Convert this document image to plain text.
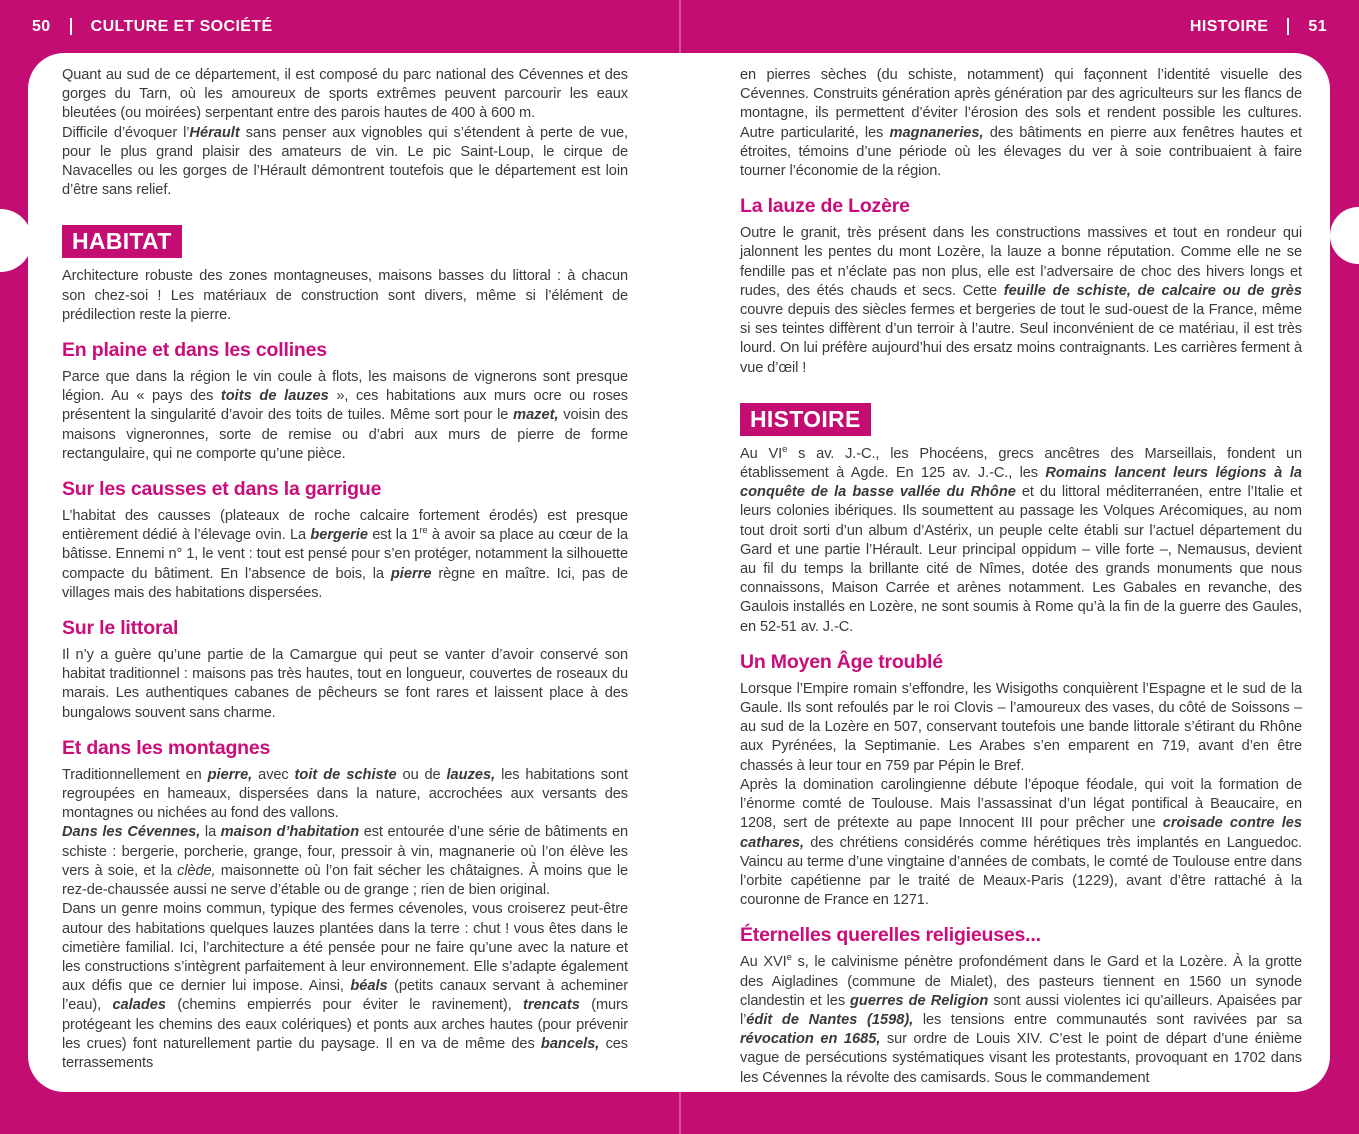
50	CULTURE ET SOCIÉTÉ	HISTOIRE	51

Quant au sud de ce département, il est composé du parc national des Cévennes et des gorges du Tarn, où les amoureux de sports extrêmes peuvent parcourir les eaux bleutées (ou moirées) serpentant entre des parois hautes de 400 à 600 m.

Difficile d’évoquer l’Hérault sans penser aux vignobles qui s’étendent à perte de vue, pour le plus grand plaisir des amateurs de vin. Le pic Saint-Loup, le cirque de Navacelles ou les gorges de l’Hérault démontrent toutefois que le département est loin d’être sans relief.

HABITAT

Architecture robuste des zones montagneuses, maisons basses du littoral : à chacun son chez-soi ! Les matériaux de construction sont divers, même si l’élément de prédilection reste la pierre.

En plaine et dans les collines

Parce que dans la région le vin coule à flots, les maisons de vignerons sont presque légion. Au « pays des toits de lauzes », ces habitations aux murs ocre ou roses présentent la singularité d’avoir des toits de tuiles. Même sort pour le mazet, voisin des maisons vigneronnes, sorte de remise ou d’abri aux murs de pierre de forme rectangulaire, qui ne comporte qu’une pièce.

Sur les causses et dans la garrigue

L’habitat des causses (plateaux de roche calcaire fortement érodés) est presque entièrement dédié à l’élevage ovin. La bergerie est la 1re à avoir sa place au cœur de la bâtisse. Ennemi n° 1, le vent : tout est pensé pour s’en protéger, notamment la silhouette compacte du bâtiment. En l’absence de bois, la pierre règne en maître. Ici, pas de villages mais des habitations dispersées.

Sur le littoral

Il n’y a guère qu’une partie de la Camargue qui peut se vanter d’avoir conservé son habitat traditionnel : maisons pas très hautes, tout en longueur, couvertes de roseaux du marais. Les authentiques cabanes de pêcheurs se font rares et laissent place à des bungalows souvent sans charme.

Et dans les montagnes

Traditionnellement en pierre, avec toit de schiste ou de lauzes, les habitations sont regroupées en hameaux, dispersées dans la nature, accrochées aux versants des montagnes ou nichées au fond des vallons.

Dans les Cévennes, la maison d’habitation est entourée d’une série de bâtiments en schiste : bergerie, porcherie, grange, four, pressoir à vin, magnanerie où l’on élève les vers à soie, et la clède, maisonnette où l’on fait sécher les châtaignes. À moins que le rez-de-chaussée aussi ne serve d’étable ou de grange ; rien de bien original.

Dans un genre moins commun, typique des fermes cévenoles, vous croiserez peut-être autour des habitations quelques lauzes plantées dans la terre : chut ! vous êtes dans le cimetière familial. Ici, l’architecture a été pensée pour ne faire qu’une avec la nature et les constructions s’intègrent parfaitement à leur environnement. Elle s’adapte également aux défis que ce dernier lui impose. Ainsi, béals (petits canaux servant à acheminer l’eau), calades (chemins empierrés pour éviter le ravinement), trencats (murs protégeant les chemins des eaux colériques) et ponts aux arches hautes (pour prévenir les crues) font naturellement partie du paysage. Il en va de même des bancels, ces terrassements

en pierres sèches (du schiste, notamment) qui façonnent l’identité visuelle des Cévennes. Construits génération après génération par des agriculteurs sur les flancs de montagne, ils permettent d’éviter l’érosion des sols et rendent possible les cultures. Autre particularité, les magnaneries, des bâtiments en pierre aux fenêtres hautes et étroites, témoins d’une période où les élevages du ver à soie contribuaient à faire tourner l’économie de la région.

La lauze de Lozère

Outre le granit, très présent dans les constructions massives et tout en rondeur qui jalonnent les pentes du mont Lozère, la lauze a bonne réputation. Comme elle ne se fendille pas et n’éclate pas non plus, elle est l’adversaire de choc des hivers longs et rudes, des étés chauds et secs. Cette feuille de schiste, de calcaire ou de grès couvre depuis des siècles fermes et bergeries de tout le sud-ouest de la France, même si ses teintes diffèrent d’un terroir à l’autre. Seul inconvénient de ce matériau, il est très lourd. On lui préfère aujourd’hui des ersatz moins contraignants. Les carrières ferment à vue d’œil !

HISTOIRE

Au VIe s av. J.-C., les Phocéens, grecs ancêtres des Marseillais, fondent un établissement à Agde. En 125 av. J.-C., les Romains lancent leurs légions à la conquête de la basse vallée du Rhône et du littoral méditerranéen, entre l’Italie et leurs colonies ibériques. Ils soumettent au passage les Volques Arécomiques, au nom tout droit sorti d’un album d’Astérix, un peuple celte établi sur l’actuel département du Gard et une partie l’Hérault. Leur principal oppidum – ville forte –, Nemausus, devient au fil du temps la brillante cité de Nîmes, dotée des grands monuments que nous connaissons, Maison Carrée et arènes notamment. Les Gabales en revanche, des Gaulois installés en Lozère, ne sont soumis à Rome qu’à la fin de la guerre des Gaules, en 52-51 av. J.-C.

Un Moyen Âge troublé

Lorsque l’Empire romain s’effondre, les Wisigoths conquièrent l’Espagne et le sud de la Gaule. Ils sont refoulés par le roi Clovis – l’amoureux des vases, du côté de Soissons – au sud de la Lozère en 507, conservant toutefois une bande littorale s’étirant du Rhône aux Pyrénées, la Septimanie. Les Arabes s’en emparent en 719, avant d’en être chassés à leur tour en 759 par Pépin le Bref.

Après la domination carolingienne débute l’époque féodale, qui voit la formation de l’énorme comté de Toulouse. Mais l’assassinat d’un légat pontifical à Beaucaire, en 1208, sert de prétexte au pape Innocent III pour prêcher une croisade contre les cathares, des chrétiens considérés comme hérétiques très implantés en Languedoc. Vaincu au terme d’une vingtaine d’années de combats, le comté de Toulouse entre dans l’orbite capétienne par le traité de Meaux-Paris (1229), avant d’être rattaché à la couronne de France en 1271.

Éternelles querelles religieuses...

Au XVIe s, le calvinisme pénètre profondément dans le Gard et la Lozère. À la grotte des Aigladines (commune de Mialet), des pasteurs tiennent en 1560 un synode clandestin et les guerres de Religion sont aussi violentes ici qu’ailleurs. Apaisées par l’édit de Nantes (1598), les tensions entre communautés sont ravivées par sa révocation en 1685, sur ordre de Louis XIV. C’est le point de départ d’une énième vague de persécutions systématiques visant les protestants, provoquant en 1702 dans les Cévennes la révolte des camisards. Sous le commandement
